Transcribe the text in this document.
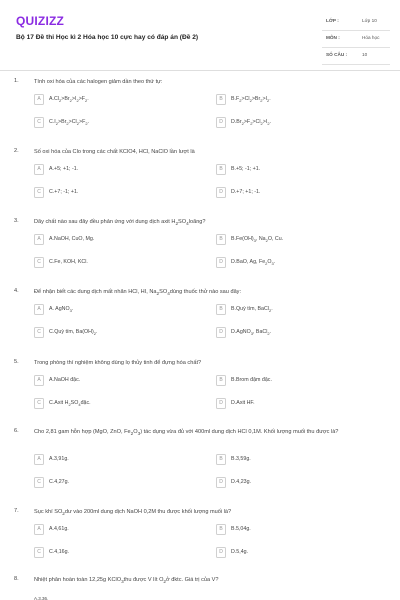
QUIZIZZ
Bộ 17 Đề thi Học kì 2 Hóa học 10 cực hay có đáp án (Đề 2)
LỚP :	Lớp 10
MÔN :	Hóa học
SỐ CÂU :	10
1.	Tính oxi hóa của các halogen giảm dần theo thứ tự:
A	$A.Cl_2>Br_2>I_2>F_2$.	B	$B.F_2>Cl_2>Br_2>I_2$.
C	$C.I_2>Br_2>Cl_2>F_2$.	D	$D.Br_2>F_2>Cl_2>I_2$.
2.	Số oxi hóa của Clo trong các chất KClO4, HCl, NaClO lần lượt là
A	A.+5; +1; -1.	B	B.+5; -1; +1.
C	C.+7; -1; +1.	D	D.+7; +1; -1.
3.	Dãy chất nào sau đây đều phản ứng với dung dịch axit $H_2SO_4loãng$?
A	A.NaOH, CuO, Mg.	B	$B.Fe(OH)_3$, $Na_2O$, Cu.
C	C.Fe, KOH, KCl.	D	D.BaO, Ag, $Fe_2O_3$.
4.	Để nhận biết các dung dịch mất nhãn HCl, HI, $Na_2SO_4dùng$ thuốc thử nào sau đây:
A	A. AgNO$_3$.	B	B.Quỳ tím, BaCl$_2$.
C	C.Quỳ tím, $Ba(OH)_2$.	D	D.AgNO$_3$, BaCl$_2$.
5.	Trong phòng thí nghiệm không dùng lọ thủy tinh để đựng hóa chất?
A	A.NaOH đặc.	B	B.Brom đậm đặc.
C	C.Axit $H_2SO_4đặc$.	D	D.Axit HF.
6.	Cho 2,81 gam hỗn hợp (MgO, ZnO, $Fe_2O_3$) tác dụng vừa đủ với 400ml dung dịch HCl 0,1M. Khối lượng muối thu được là?
A	A.3,91g.	B	B.3,59g.
C	C.4,27g.	D	D.4,23g.
7.	Sục khí $SO_2dư$ vào 200ml dung dịch NaOH 0,2M thu được khối lượng muối là?
A	A.4,61g.	B	B.5,04g.
C	C.4,16g.	D	D.5,4g.
8.	Nhiệt phân hoàn toàn 12,25g KClO$_3$thu được V lít $O_2ở$ đktc. Giá trị của V?
A.3,36.
